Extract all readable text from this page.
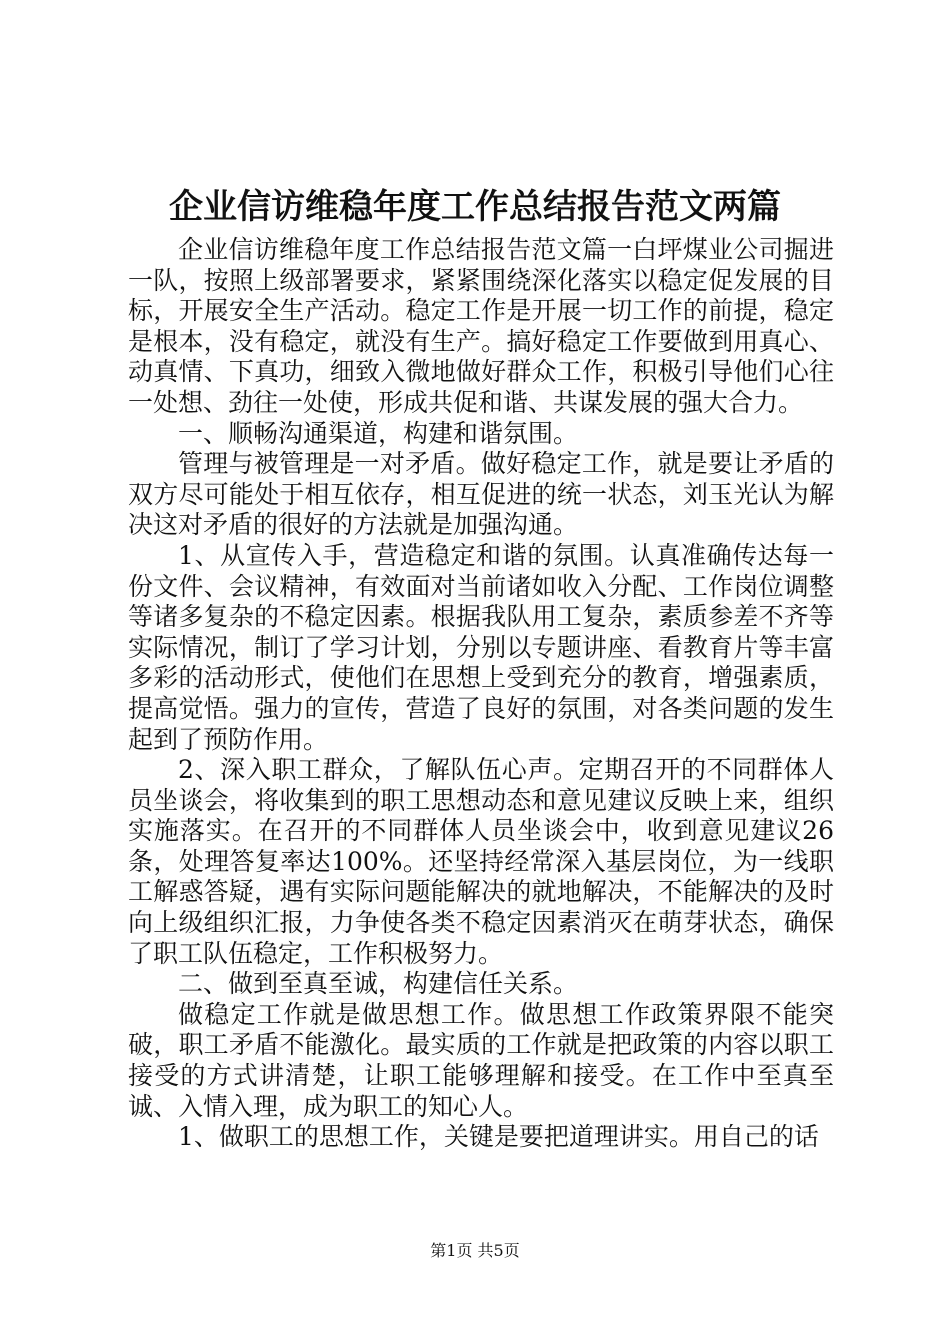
企业信访维稳年度工作总结报告范文两篇

企业信访维稳年度工作总结报告范文篇一白坪煤业公司掘进一队，按照上级部署要求，紧紧围绕深化落实以稳定促发展的目标，开展安全生产活动。稳定工作是开展一切工作的前提，稳定是根本，没有稳定，就没有生产。搞好稳定工作要做到用真心、动真情、下真功，细致入微地做好群众工作，积极引导他们心往一处想、劲往一处使，形成共促和谐、共谋发展的强大合力。

一、顺畅沟通渠道，构建和谐氛围。

管理与被管理是一对矛盾。做好稳定工作，就是要让矛盾的双方尽可能处于相互依存，相互促进的统一状态，刘玉光认为解决这对矛盾的很好的方法就是加强沟通。

1、从宣传入手，营造稳定和谐的氛围。认真准确传达每一份文件、会议精神，有效面对当前诸如收入分配、工作岗位调整等诸多复杂的不稳定因素。根据我队用工复杂，素质参差不齐等实际情况，制订了学习计划，分别以专题讲座、看教育片等丰富多彩的活动形式，使他们在思想上受到充分的教育，增强素质，提高觉悟。强力的宣传，营造了良好的氛围，对各类问题的发生起到了预防作用。

2、深入职工群众，了解队伍心声。定期召开的不同群体人员坐谈会，将收集到的职工思想动态和意见建议反映上来，组织实施落实。在召开的不同群体人员坐谈会中，收到意见建议26条，处理答复率达100%。还坚持经常深入基层岗位，为一线职工解惑答疑，遇有实际问题能解决的就地解决，不能解决的及时向上级组织汇报，力争使各类不稳定因素消灭在萌芽状态，确保了职工队伍稳定，工作积极努力。

二、做到至真至诚，构建信任关系。

做稳定工作就是做思想工作。做思想工作政策界限不能突破，职工矛盾不能激化。最实质的工作就是把政策的内容以职工接受的方式讲清楚，让职工能够理解和接受。在工作中至真至诚、入情入理，成为职工的知心人。

1、做职工的思想工作，关键是要把道理讲实。用自己的话

第1页 共5页
